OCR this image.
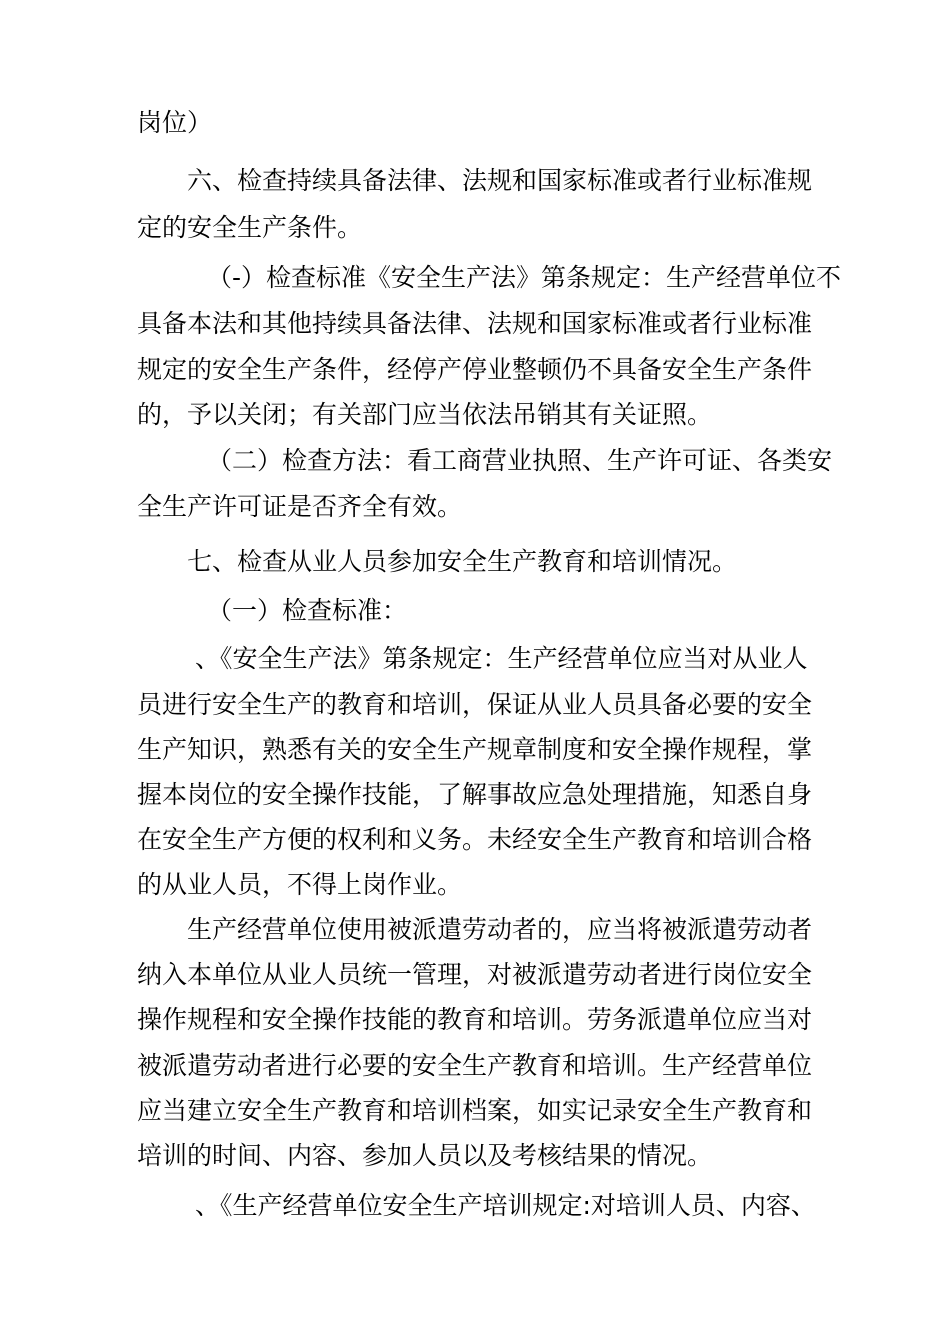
岗位）
六、检查持续具备法律、法规和国家标准或者行业标准规
定的安全生产条件。
（-）检查标准《安全生产法》第条规定：生产经营单位不
具备本法和其他持续具备法律、法规和国家标准或者行业标准
规定的安全生产条件，经停产停业整顿仍不具备安全生产条件
的，予以关闭；有关部门应当依法吊销其有关证照。
（二）检查方法：看工商营业执照、生产许可证、各类安
全生产许可证是否齐全有效。
七、检查从业人员参加安全生产教育和培训情况。
（一）检查标准：
、《安全生产法》第条规定：生产经营单位应当对从业人
员进行安全生产的教育和培训，保证从业人员具备必要的安全
生产知识，熟悉有关的安全生产规章制度和安全操作规程，掌
握本岗位的安全操作技能，了解事故应急处理措施，知悉自身
在安全生产方便的权利和义务。未经安全生产教育和培训合格
的从业人员，不得上岗作业。
生产经营单位使用被派遣劳动者的，应当将被派遣劳动者
纳入本单位从业人员统一管理，对被派遣劳动者进行岗位安全
操作规程和安全操作技能的教育和培训。劳务派遣单位应当对
被派遣劳动者进行必要的安全生产教育和培训。生产经营单位
应当建立安全生产教育和培训档案，如实记录安全生产教育和
培训的时间、内容、参加人员以及考核结果的情况。
、《生产经营单位安全生产培训规定:对培训人员、内容、
